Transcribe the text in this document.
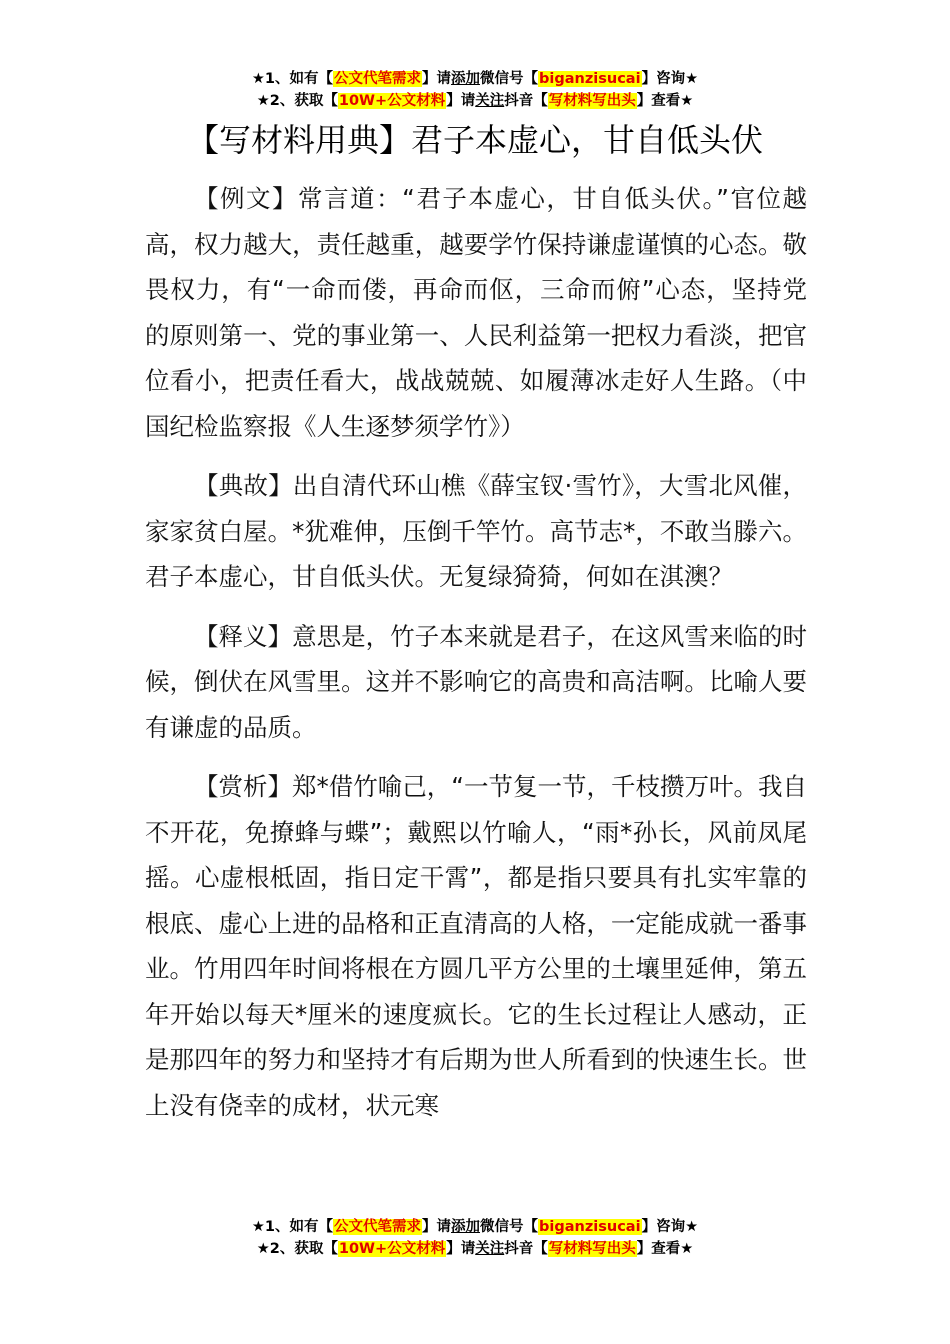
★1、如有【公文代笔需求】请添加微信号【biganzisucai】咨询★
★2、获取【10W+公文材料】请关注抖音【写材料写出头】查看★
【写材料用典】君子本虚心，甘自低头伏

【例文】常言道：“君子本虚心，甘自低头伏。”官位越高，权力越大，责任越重，越要学竹保持谦虚谨慎的心态。敬畏权力，有“一命而偻，再命而伛，三命而俯”心态，坚持党的原则第一、党的事业第一、人民利益第一把权力看淡，把官位看小，把责任看大，战战兢兢、如履薄冰走好人生路。（中国纪检监察报《人生逐梦须学竹》）

【典故】出自清代环山樵《薛宝钗·雪竹》，大雪北风催，家家贫白屋。*犹难伸，压倒千竿竹。高节志*，不敢当滕六。君子本虚心，甘自低头伏。无复绿猗猗，何如在淇澳？

【释义】意思是，竹子本来就是君子，在这风雪来临的时候，倒伏在风雪里。这并不影响它的高贵和高洁啊。比喻人要有谦虚的品质。

【赏析】郑*借竹喻己，“一节复一节，千枝攒万叶。我自不开花，免撩蜂与蝶”；戴熙以竹喻人，“雨*孙长，风前凤尾摇。心虚根柢固，指日定干霄”，都是指只要具有扎实牢靠的根底、虚心上进的品格和正直清高的人格，一定能成就一番事业。竹用四年时间将根在方圆几平方公里的土壤里延伸，第五年开始以每天*厘米的速度疯长。它的生长过程让人感动，正是那四年的努力和坚持才有后期为世人所看到的快速生长。世上没有侥幸的成材，状元寒

★1、如有【公文代笔需求】请添加微信号【biganzisucai】咨询★
★2、获取【10W+公文材料】请关注抖音【写材料写出头】查看★
